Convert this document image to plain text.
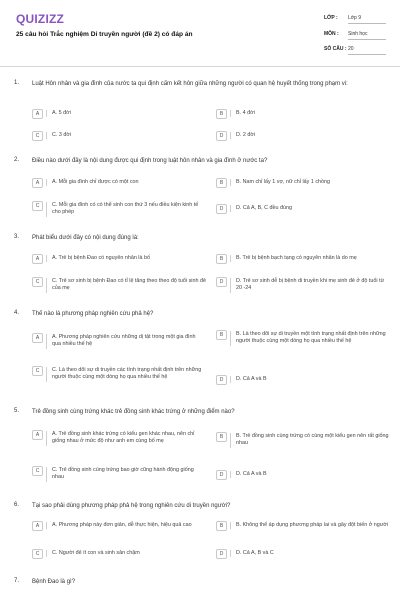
QUIZIZZ
25 câu hỏi Trắc nghiệm Di truyền người (đề 2) có đáp án
LỚP : Lớp 9
MÔN : Sinh học
SỐ CÂU : 20
1. Luật Hôn nhân và gia đình của nước ta qui định cấm kết hôn giữa những người có quan hệ huyết thống trong phạm vi:
A	A. 5 đời	B	B. 4 đời
C	C. 3 đời	D	D. 2 đời
2. Điều nào dưới đây là nội dung được qui định trong luật hôn nhân và gia đình ở nước ta?
A	A. Mỗi gia đình chỉ được có một con	B	B. Nam chỉ lấy 1 vợ, nữ chỉ lấy 1 chồng
C	C. Mỗi gia đình có có thể sinh con thứ 3 nếu điều kiện kinh tế cho phép
D	D. Cả A, B, C đều đúng
3. Phát biểu dưới đây có nội dung đúng là:
A	A. Trẻ bị bệnh Đao có nguyên nhân là bố	B	B. Trẻ bị bệnh bạch tạng có nguyên nhân là do mẹ
C	C. Trẻ sơ sinh bị bệnh Đao có tỉ lệ tăng theo theo độ tuổi sinh đẻ của mẹ
D	D. Trẻ sơ sinh dễ bị bệnh di truyền khi mẹ sinh đẻ ở độ tuổi từ 20 -24
4. Thế nào là phương pháp nghiên cứu phả hệ?
A	A. Phương pháp nghiên cứu những dị tật trong một gia đình qua nhiều thế hệ
B	B. Là theo dõi sự di truyền một tính trạng nhất định trên những người thuộc cùng một dòng họ qua nhiều thế hệ
C	C. Là theo dõi sự di truyền các tính trạng nhất định trên những người thuộc cùng một dòng họ qua nhiều thế hệ	D	D. Cả A và B
5. Trẻ đồng sinh cùng trứng khác trẻ đồng sinh khác trứng ở những điểm nào?
A	A. Trẻ đồng sinh khác trứng có kiểu gen khác nhau, nên chỉ giống nhau ở mức độ như anh em cùng bố mẹ
B	B. Trẻ đồng sinh cùng trứng có cùng một kiểu gen nên rất giống nhau
C	C. Trẻ đồng sinh cùng trứng bao giờ cũng hành động giống nhau	D	D. Cả A và B
6. Tại sao phải dùng phương pháp phả hệ trong nghiên cứu di truyền người?
A	A. Phương pháp này đơn giản, dễ thực hiện, hiệu quả cao	B	B. Không thể áp dụng phương pháp lai và gây đột biến ở người
C	C. Người đẻ ít con và sinh sản chậm	D	D. Cả A, B và C
7. Bệnh Đao là gì?
